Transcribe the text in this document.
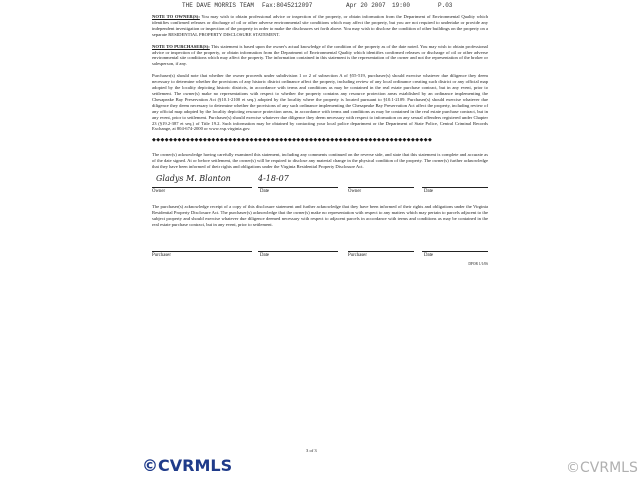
THE DAVE MORRIS TEAM Fax:8045212097	Apr 20 2007 19:00	P.03

NOTE TO OWNER(S): You may wish to obtain professional advice or inspection of the property, or obtain information from the Department of Environmental Quality which identifies confirmed releases or discharge of oil or other adverse environmental site conditions which may affect the property, but you are not required to undertake or provide any independent investigation or inspection of the property in order to make the disclosures set forth above. You may wish to disclose the condition of other buildings on the property on a separate RESIDENTIAL PROPERTY DISCLOSURE STATEMENT.

NOTE TO PURCHASER(S): This statement is based upon the owner's actual knowledge of the condition of the property as of the date noted. You may wish to obtain professional advice or inspection of the property, or obtain information from the Department of Environmental Quality which identifies confirmed releases or discharge of oil or other adverse environmental site conditions which may affect the property. The information contained in this statement is the representation of the owner and not the representation of the broker or salesperson, if any.

Purchaser(s) should note that whether the owner proceeds under subdivision 1 or 2 of subsection A of §55-519, purchaser(s) should exercise whatever due diligence they deem necessary to determine whether the provisions of any historic district ordinance affect the property, including review of any local ordinance creating such district or any official map adopted by the locality depicting historic districts, in accordance with terms and conditions as may be contained in the real estate purchase contract, but in any event, prior to settlement. The owner(s) make no representations with respect to whether the property contains any resource protection areas established by an ordinance implementing the Chesapeake Bay Preservation Act (§10.1-2100 et seq.) adopted by the locality where the property is located pursuant to §10.1-2109. Purchaser(s) should exercise whatever due diligence they deem necessary to determine whether the provisions of any such ordinance implementing the Chesapeake Bay Preservation Act affect the property, including review of any official map adopted by the locality depicting resource protection areas, in accordance with terms and conditions as may be contained in the real estate purchase contract, but in any event, prior to settlement. Purchaser(s) should exercise whatever due diligence they deem necessary with respect to information on any sexual offenders registered under Chapter 23 (§19.2-387 et seq.) of Title 19.2. Such information may be obtained by contacting your local police department or the Department of State Police, Central Criminal Records Exchange, at 804-674-2000 or www.vsp.virginia.gov.

◆◆◆◆◆◆◆◆◆◆◆◆◆◆◆◆◆◆◆◆◆◆◆◆◆◆◆◆◆◆◆◆◆◆◆◆◆◆◆◆◆◆◆◆◆◆◆◆◆◆◆◆◆◆◆◆◆◆◆◆◆◆◆◆◆◆

The owner(s) acknowledge having carefully examined this statement, including any comments continued on the reverse side, and state that this statement is complete and accurate as of the date signed. At or before settlement, the owner(s) will be required to disclose any material change in the physical condition of the property. The owner(s) further acknowledge that they have been informed of their rights and obligations under the Virginia Residential Property Disclosure Act.

Gladys M. Blanton	4-18-07
Owner	Date	Owner	Date

The purchaser(s) acknowledge receipt of a copy of this disclosure statement and further acknowledge that they have been informed of their rights and obligations under the Virginia Residential Property Disclosure Act. The purchaser(s) acknowledge that the owner(s) make no representation with respect to any matters which may pertain to parcels adjacent to the subject property and should exercise whatever due diligence deemed necessary with respect to adjacent parcels in accordance with terms and conditions as may be contained in the real estate purchase contract, but in any event, prior to settlement.

Purchaser	Date	Purchaser	Date
DPOR 1/1/06
3 of 3
©CVRMLS	©CVRMLS
